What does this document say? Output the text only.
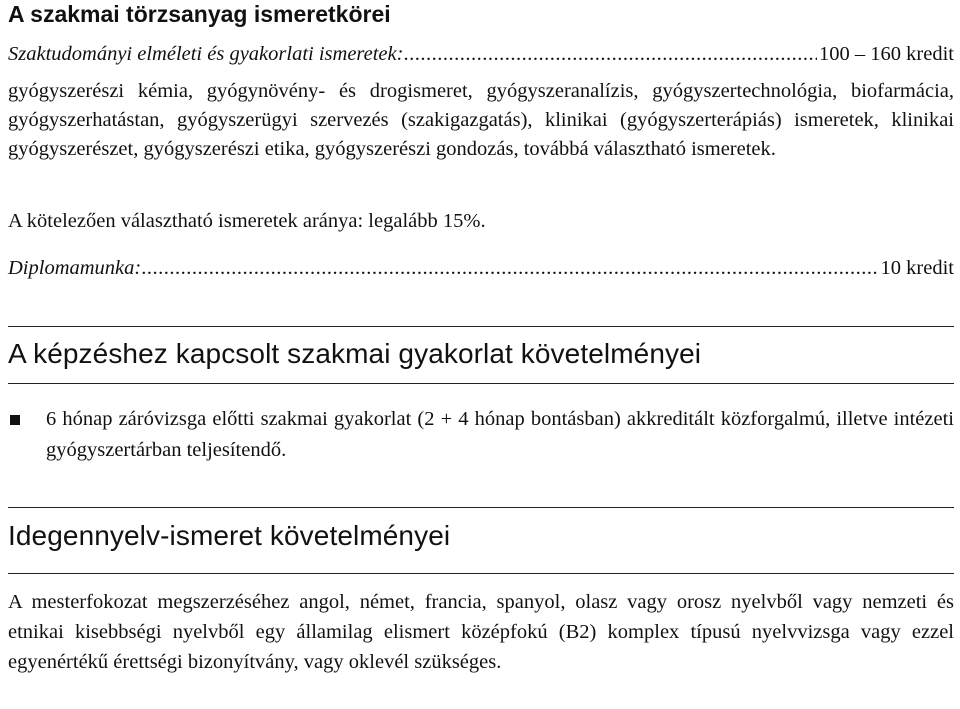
A szakmai törzsanyag ismeretkörei
Szaktudományi elméleti és gyakorlati ismeretek: .....	100 – 160 kredit
gyógyszerészi kémia, gyógynövény- és drogismeret, gyógyszeranalízis, gyógyszertechnológia, biofarmácia, gyógyszerhatástan, gyógyszerügyi szervezés (szakigazgatás), klinikai (gyógyszerterápiás) ismeretek, klinikai gyógyszerészet, gyógyszerészi etika, gyógyszerészi gondozás, továbbá választható ismeretek.
A kötelezően választható ismeretek aránya: legalább 15%.
Diplomamunka: .....	10 kredit
A képzéshez kapcsolt szakmai gyakorlat követelményei
6 hónap záróvizsga előtti szakmai gyakorlat (2 + 4 hónap bontásban) akkreditált közforgalmú, illetve intézeti gyógyszertárban teljesítendő.
Idegennyelv-ismeret követelményei
A mesterfokozat megszerzéséhez angol, német, francia, spanyol, olasz vagy orosz nyelvből vagy nemzeti és etnikai kisebbségi nyelvből egy államilag elismert középfokú (B2) komplex típusú nyelvvizsga vagy ezzel egyenértékű érettségi bizonyítvány, vagy oklevél szükséges.
